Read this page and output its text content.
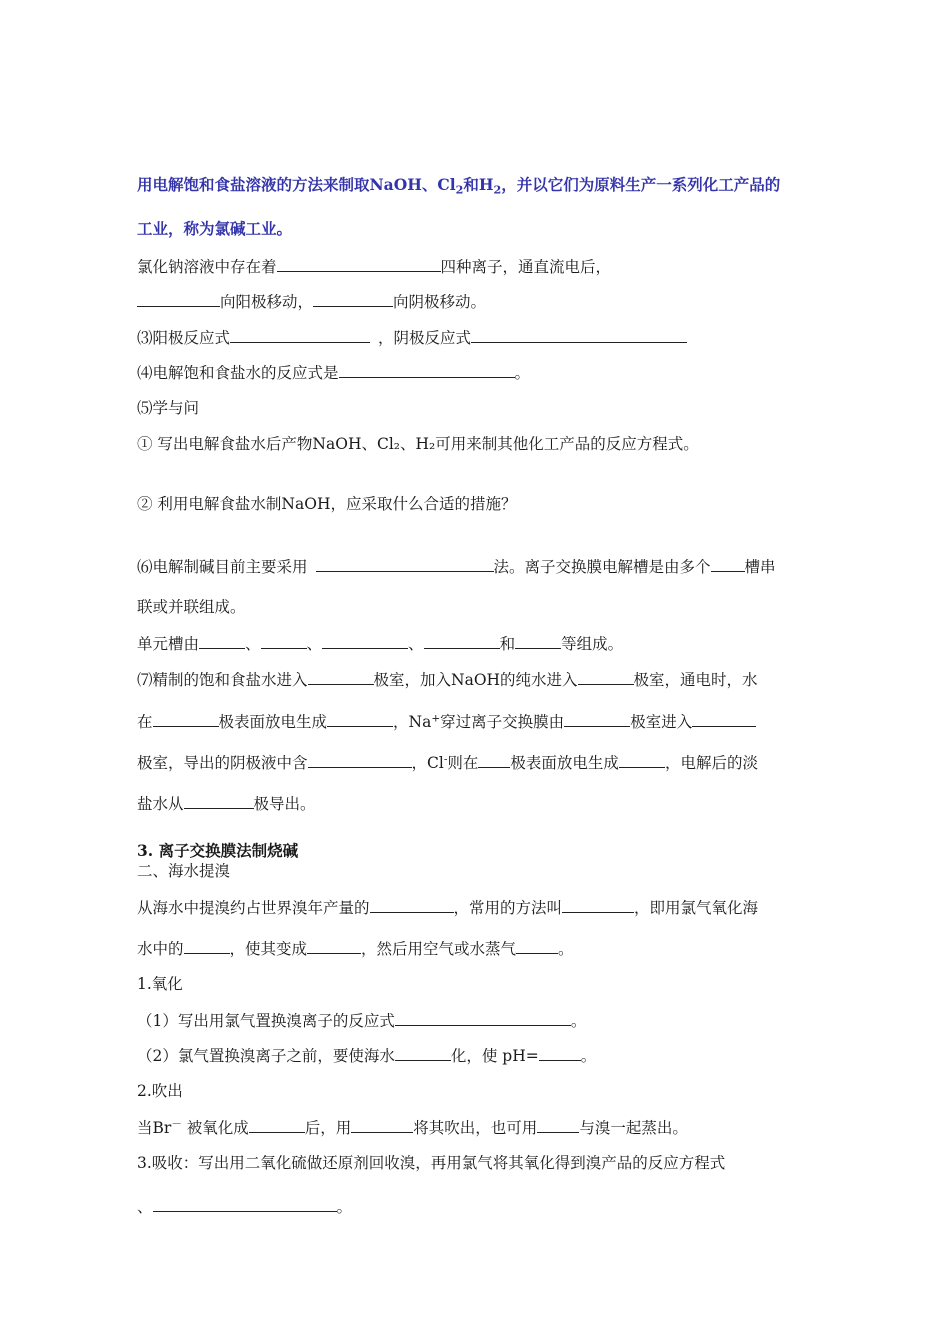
用电解饱和食盐溶液的方法来制取NaOH、$Cl_2$和$H_2$，并以它们为原料生产一系列化工产品的
工业，称为氯碱工业。
氯化钠溶液中存在着	四种离子，通直流电后，
向阳极移动，	向阴极移动。
⑶阳极反应式	，阴极反应式
⑷电解饱和食盐水的反应式是	。
⑸学与问
① 写出电解食盐水后产物NaOH、Cl₂、H₂可用来制其他化工产品的反应方程式。
② 利用电解食盐水制NaOH，应采取什么合适的措施？
⑹电解制碱目前主要采用	法。离子交换膜电解槽是由多个 槽串
联或并联组成。
单元槽由	、	、	、	和	等组成。
⑺精制的饱和食盐水进入	极室，加入NaOH的纯水进入	极室，通电时，水
在	极表面放电生成	，Na+穿过离子交换膜由	极室进入
极室，导出的阴极液中含	，Cl-则在 极表面放电生成	，电解后的淡
盐水从	极导出。
3. 离子交换膜法制烧碱
二、海水提溴
从海水中提溴约占世界溴年产量的	，常用的方法叫	，即用氯气氧化海
水中的	，使其变成	，然后用空气或水蒸气	。
1.氧化
（1）写出用氯气置换溴离子的反应式	。
（2）氯气置换溴离子之前，要使海水	化，使 pH=	。
2.吹出
当Br－ 被氧化成	后，用	将其吹出，也可用	与溴一起蒸出。
3.吸收：写出用二氧化硫做还原剂回收溴，再用氯气将其氧化得到溴产品的反应方程式
、	。
